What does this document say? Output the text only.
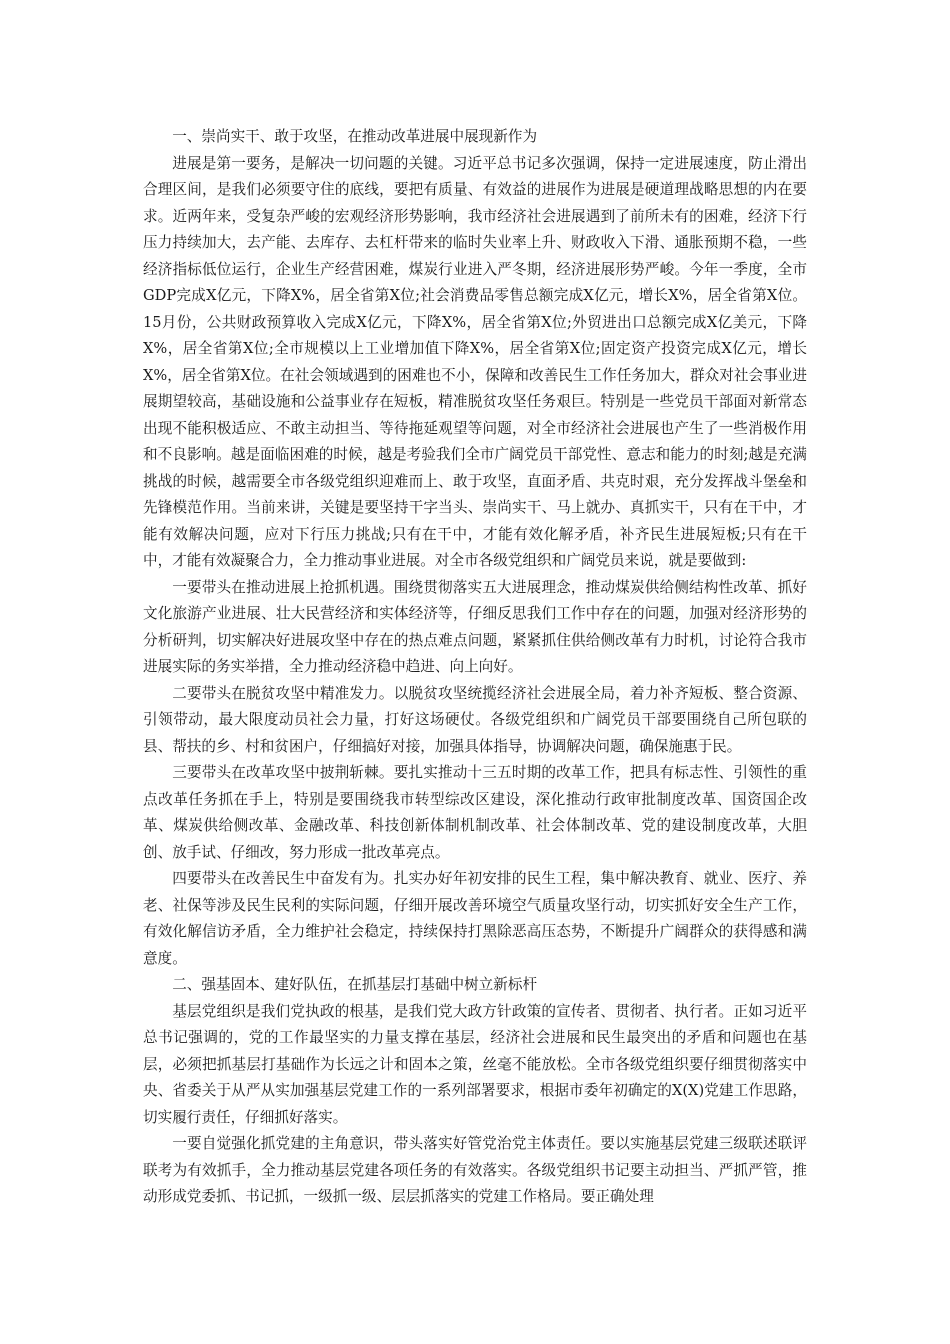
一、崇尚实干、敢于攻坚，在推动改革进展中展现新作为

进展是第一要务，是解决一切问题的关键。习近平总书记多次强调，保持一定进展速度，防止滑出合理区间，是我们必须要守住的底线，要把有质量、有效益的进展作为进展是硬道理战略思想的内在要求。近两年来，受复杂严峻的宏观经济形势影响，我市经济社会进展遇到了前所未有的困难，经济下行压力持续加大，去产能、去库存、去杠杆带来的临时失业率上升、财政收入下滑、通胀预期不稳，一些经济指标低位运行，企业生产经营困难，煤炭行业进入严冬期，经济进展形势严峻。今年一季度，全市GDP完成X亿元，下降X%，居全省第X位;社会消费品零售总额完成X亿元，增长X%，居全省第X位。15月份，公共财政预算收入完成X亿元，下降X%，居全省第X位;外贸进出口总额完成X亿美元，下降X%，居全省第X位;全市规模以上工业增加值下降X%，居全省第X位;固定资产投资完成X亿元，增长X%，居全省第X位。在社会领域遇到的困难也不小，保障和改善民生工作任务加大，群众对社会事业进展期望较高，基础设施和公益事业存在短板，精准脱贫攻坚任务艰巨。特别是一些党员干部面对新常态出现不能积极适应、不敢主动担当、等待拖延观望等问题，对全市经济社会进展也产生了一些消极作用和不良影响。越是面临困难的时候，越是考验我们全市广阔党员干部党性、意志和能力的时刻;越是充满挑战的时候，越需要全市各级党组织迎难而上、敢于攻坚，直面矛盾、共克时艰，充分发挥战斗堡垒和先锋模范作用。当前来讲，关键是要坚持干字当头、崇尚实干、马上就办、真抓实干，只有在干中，才能有效解决问题，应对下行压力挑战;只有在干中，才能有效化解矛盾，补齐民生进展短板;只有在干中，才能有效凝聚合力，全力推动事业进展。对全市各级党组织和广阔党员来说，就是要做到:

一要带头在推动进展上抢抓机遇。围绕贯彻落实五大进展理念，推动煤炭供给侧结构性改革、抓好文化旅游产业进展、壮大民营经济和实体经济等，仔细反思我们工作中存在的问题，加强对经济形势的分析研判，切实解决好进展攻坚中存在的热点难点问题，紧紧抓住供给侧改革有力时机，讨论符合我市进展实际的务实举措，全力推动经济稳中趋进、向上向好。

二要带头在脱贫攻坚中精准发力。以脱贫攻坚统揽经济社会进展全局，着力补齐短板、整合资源、引领带动，最大限度动员社会力量，打好这场硬仗。各级党组织和广阔党员干部要围绕自己所包联的县、帮扶的乡、村和贫困户，仔细搞好对接，加强具体指导，协调解决问题，确保施惠于民。

三要带头在改革攻坚中披荆斩棘。要扎实推动十三五时期的改革工作，把具有标志性、引领性的重点改革任务抓在手上，特别是要围绕我市转型综改区建设，深化推动行政审批制度改革、国资国企改革、煤炭供给侧改革、金融改革、科技创新体制机制改革、社会体制改革、党的建设制度改革，大胆创、放手试、仔细改，努力形成一批改革亮点。

四要带头在改善民生中奋发有为。扎实办好年初安排的民生工程，集中解决教育、就业、医疗、养老、社保等涉及民生民利的实际问题，仔细开展改善环境空气质量攻坚行动，切实抓好安全生产工作，有效化解信访矛盾，全力维护社会稳定，持续保持打黑除恶高压态势，不断提升广阔群众的获得感和满意度。

二、强基固本、建好队伍，在抓基层打基础中树立新标杆

基层党组织是我们党执政的根基，是我们党大政方针政策的宣传者、贯彻者、执行者。正如习近平总书记强调的，党的工作最坚实的力量支撑在基层，经济社会进展和民生最突出的矛盾和问题也在基层，必须把抓基层打基础作为长远之计和固本之策，丝毫不能放松。全市各级党组织要仔细贯彻落实中央、省委关于从严从实加强基层党建工作的一系列部署要求，根据市委年初确定的X(X)党建工作思路，切实履行责任，仔细抓好落实。

一要自觉强化抓党建的主角意识，带头落实好管党治党主体责任。要以实施基层党建三级联述联评联考为有效抓手，全力推动基层党建各项任务的有效落实。各级党组织书记要主动担当、严抓严管，推动形成党委抓、书记抓，一级抓一级、层层抓落实的党建工作格局。要正确处理
